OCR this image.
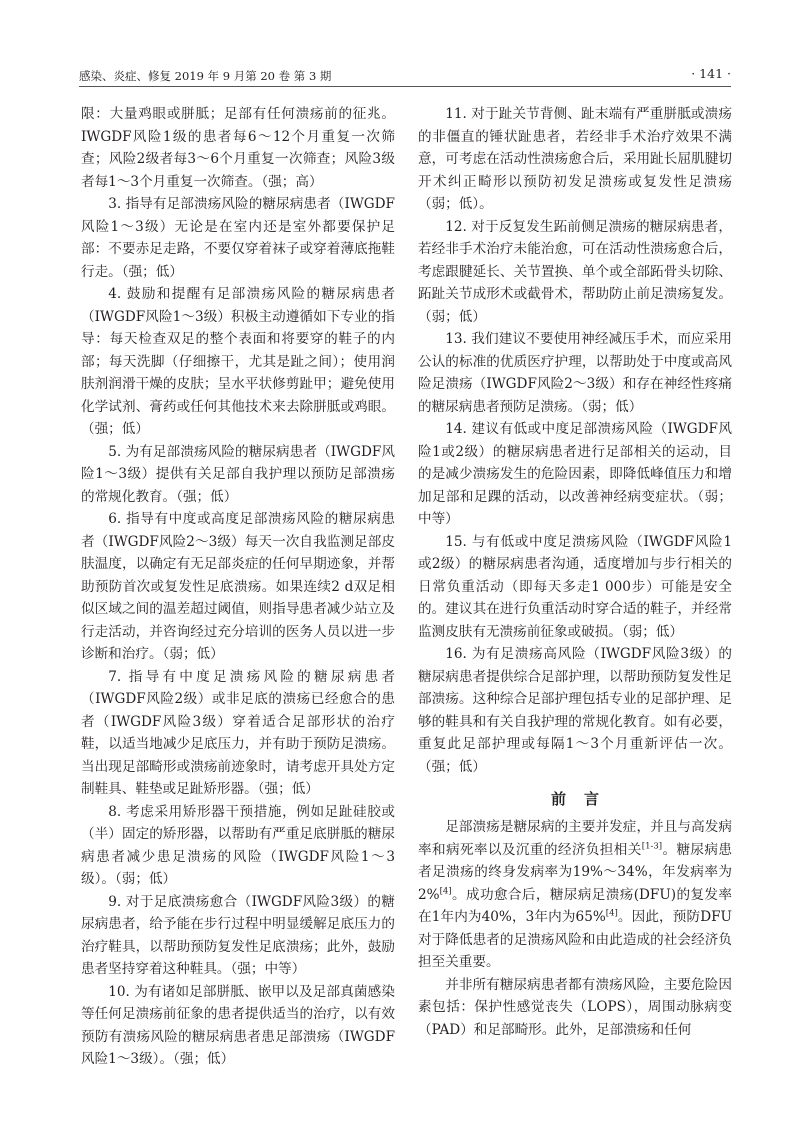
感染、炎症、修复 2019 年 9 月第 20 卷 第 3 期	· 141 ·

限：大量鸡眼或胼胝；足部有任何溃疡前的征兆。IWGDF风险1级的患者每6～12个月重复一次筛查；风险2级者每3～6个月重复一次筛查；风险3级者每1～3个月重复一次筛查。（强；高）

3. 指导有足部溃疡风险的糖尿病患者（IWGDF风险1～3级）无论是在室内还是室外都要保护足部：不要赤足走路，不要仅穿着袜子或穿着薄底拖鞋行走。（强；低）

4. 鼓励和提醒有足部溃疡风险的糖尿病患者（IWGDF风险1～3级）积极主动遵循如下专业的指导：每天检查双足的整个表面和将要穿的鞋子的内部；每天洗脚（仔细擦干，尤其是趾之间）；使用润肤剂润滑干燥的皮肤；呈水平状修剪趾甲；避免使用化学试剂、膏药或任何其他技术来去除胼胝或鸡眼。（强；低）

5. 为有足部溃疡风险的糖尿病患者（IWGDF风险1～3级）提供有关足部自我护理以预防足部溃疡的常规化教育。（强；低）

6. 指导有中度或高度足部溃疡风险的糖尿病患者（IWGDF风险2～3级）每天一次自我监测足部皮肤温度，以确定有无足部炎症的任何早期迹象，并帮助预防首次或复发性足底溃疡。如果连续2 d双足相似区域之间的温差超过阈值，则指导患者减少站立及行走活动，并咨询经过充分培训的医务人员以进一步诊断和治疗。（弱；低）

7. 指导有中度足溃疡风险的糖尿病患者（IWGDF风险2级）或非足底的溃疡已经愈合的患者（IWGDF风险3级）穿着适合足部形状的治疗鞋，以适当地减少足底压力，并有助于预防足溃疡。当出现足部畸形或溃疡前迹象时，请考虑开具处方定制鞋具、鞋垫或足趾矫形器。（强；低）

8. 考虑采用矫形器干预措施，例如足趾硅胶或（半）固定的矫形器，以帮助有严重足底胼胝的糖尿病患者减少患足溃疡的风险（IWGDF风险1～3级）。（弱；低）

9. 对于足底溃疡愈合（IWGDF风险3级）的糖尿病患者，给予能在步行过程中明显缓解足底压力的治疗鞋具，以帮助预防复发性足底溃疡；此外，鼓励患者坚持穿着这种鞋具。（强；中等）

10. 为有诸如足部胼胝、嵌甲以及足部真菌感染等任何足溃疡前征象的患者提供适当的治疗，以有效预防有溃疡风险的糖尿病患者患足部溃疡（IWGDF风险1～3级）。（强；低）

11. 对于趾关节背侧、趾末端有严重胼胝或溃疡的非僵直的锤状趾患者，若经非手术治疗效果不满意，可考虑在活动性溃疡愈合后，采用趾长屈肌腱切开术纠正畸形以预防初发足溃疡或复发性足溃疡（弱；低）。

12. 对于反复发生跖前侧足溃疡的糖尿病患者，若经非手术治疗未能治愈，可在活动性溃疡愈合后，考虑跟腱延长、关节置换、单个或全部跖骨头切除、跖趾关节成形术或截骨术，帮助防止前足溃疡复发。（弱；低）

13. 我们建议不要使用神经减压手术，而应采用公认的标准的优质医疗护理，以帮助处于中度或高风险足溃疡（IWGDF风险2～3级）和存在神经性疼痛的糖尿病患者预防足溃疡。（弱；低）

14. 建议有低或中度足部溃疡风险（IWGDF风险1或2级）的糖尿病患者进行足部相关的运动，目的是减少溃疡发生的危险因素，即降低峰值压力和增加足部和足踝的活动，以改善神经病变症状。（弱；中等）

15. 与有低或中度足溃疡风险（IWGDF风险1或2级）的糖尿病患者沟通，适度增加与步行相关的日常负重活动（即每天多走1 000步）可能是安全的。建议其在进行负重活动时穿合适的鞋子，并经常监测皮肤有无溃疡前征象或破损。（弱；低）

16. 为有足溃疡高风险（IWGDF风险3级）的糖尿病患者提供综合足部护理，以帮助预防复发性足部溃疡。这种综合足部护理包括专业的足部护理、足够的鞋具和有关自我护理的常规化教育。如有必要，重复此足部护理或每隔1～3个月重新评估一次。（强；低）

前言

足部溃疡是糖尿病的主要并发症，并且与高发病率和病死率以及沉重的经济负担相关[1-3]。糖尿病患者足溃疡的终身发病率为19%～34%，年发病率为2%[4]。成功愈合后，糖尿病足溃疡(DFU)的复发率在1年内为40%，3年内为65%[4]。因此，预防DFU对于降低患者的足溃疡风险和由此造成的社会经济负担至关重要。

并非所有糖尿病患者都有溃疡风险，主要危险因素包括：保护性感觉丧失（LOPS），周围动脉病变（PAD）和足部畸形。此外，足部溃疡和任何
